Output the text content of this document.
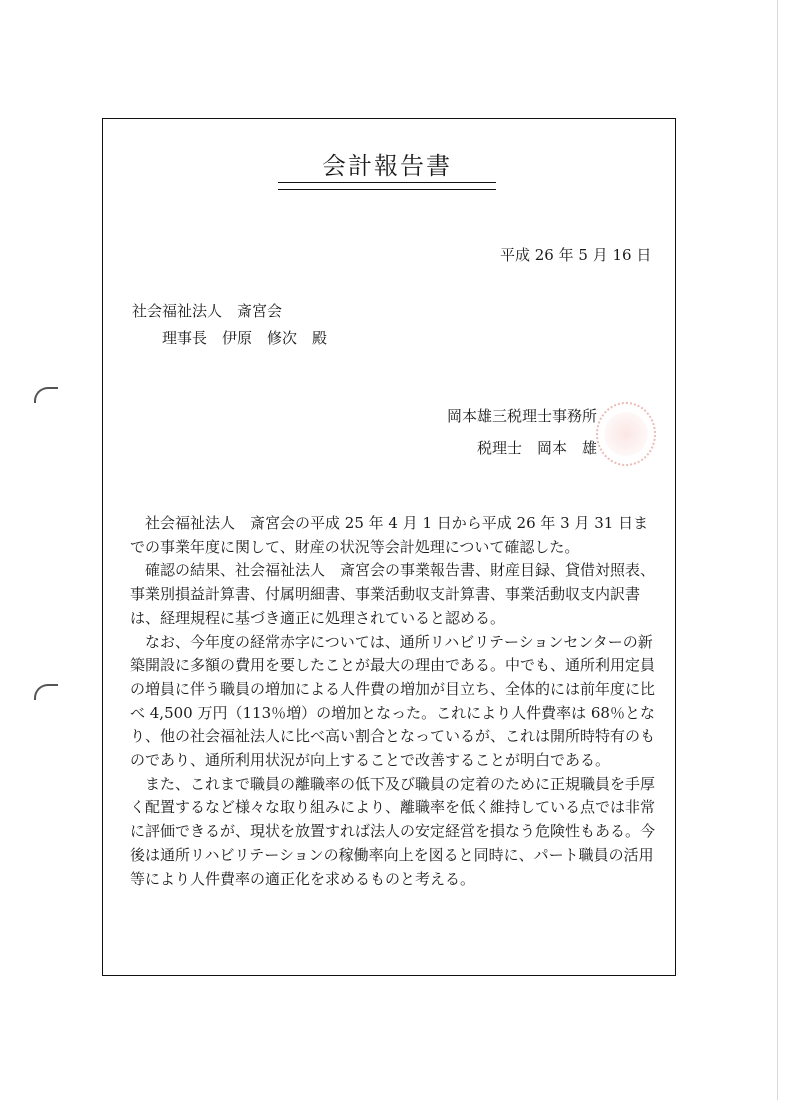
会計報告書
平成 26 年 5 月 16 日
社会福祉法人　斎宮会
理事長　伊原　修次　殿
岡本雄三税理士事務所
税理士　岡本　雄

社会福祉法人　斎宮会の平成 25 年 4 月 1 日から平成 26 年 3 月 31 日までの事業年度に関して、財産の状況等会計処理について確認した。

確認の結果、社会福祉法人　斎宮会の事業報告書、財産目録、貸借対照表、事業別損益計算書、付属明細書、事業活動収支計算書、事業活動収支内訳書は、経理規程に基づき適正に処理されていると認める。

なお、今年度の経常赤字については、通所リハビリテーションセンターの新築開設に多額の費用を要したことが最大の理由である。中でも、通所利用定員の増員に伴う職員の増加による人件費の増加が目立ち、全体的には前年度に比べ 4,500 万円（113％増）の増加となった。これにより人件費率は 68％となり、他の社会福祉法人に比べ高い割合となっているが、これは開所時特有のものであり、通所利用状況が向上することで改善することが明白である。

また、これまで職員の離職率の低下及び職員の定着のために正規職員を手厚く配置するなど様々な取り組みにより、離職率を低く維持している点では非常に評価できるが、現状を放置すれば法人の安定経営を損なう危険性もある。今後は通所リハビリテーションの稼働率向上を図ると同時に、パート職員の活用等により人件費率の適正化を求めるものと考える。
